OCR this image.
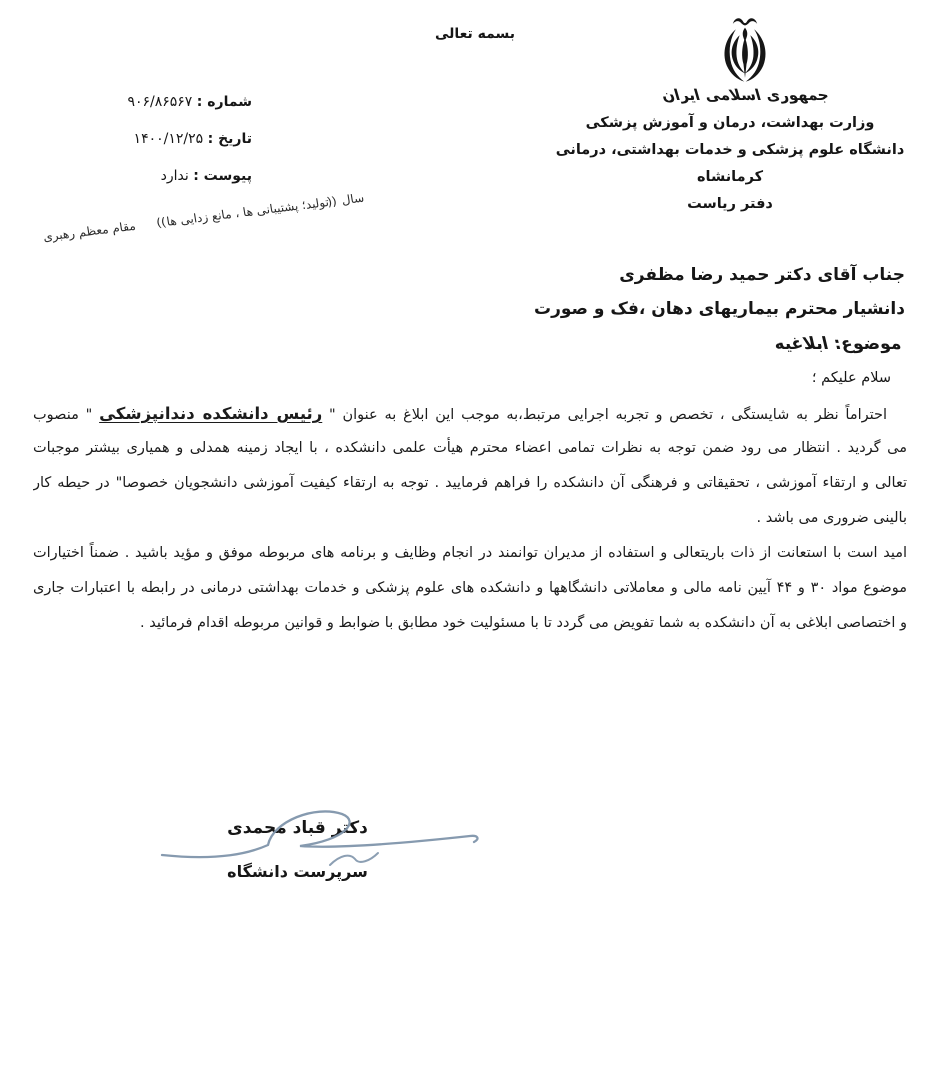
بسمه تعالی
جمهوری اسلامی ایران
وزارت بهداشت، درمان و آموزش پزشکی
دانشگاه علوم پزشکی و خدمات بهداشتی، درمانی کرمانشاه
دفتر ریاست
شماره : ۹۰۶/۸۶۵۶۷
تاریخ : ۱۴۰۰/۱۲/۲۵
پیوست : ندارد
سال ((تولید؛ پشتیبانی ها ، مانع زدایی ها))
مقام معظم رهبری
جناب آقای دکتر حمید رضا مظفری
دانشیار محترم بیماریهای دهان ،فک و صورت
موضوع: ابلاغیه
سلام علیکم ؛
احتراماً نظر به شایستگی ، تخصص و تجربه اجرایی مرتبط،به موجب این ابلاغ به عنوان " رئیس دانشکده دندانپزشکی " منصوب
می گردید . انتظار می رود ضمن توجه به نظرات تمامی اعضاء محترم هیأت علمی دانشکده ، با ایجاد زمینه همدلی و همیاری بیشتر موجبات
تعالی و ارتقاء آموزشی ، تحقیقاتی و فرهنگی آن دانشکده را فراهم فرمایید . توجه به ارتقاء کیفیت آموزشی دانشجویان خصوصا" در حیطه کار
بالینی ضروری می باشد .
امید است با استعانت از ذات باریتعالی و استفاده از مدیران توانمند در انجام وظایف و برنامه های مربوطه موفق و مؤید باشید . ضمناً اختیارات
موضوع مواد ۳۰ و ۴۴ آیین نامه مالی و معاملاتی دانشگاهها و دانشکده های علوم پزشکی و خدمات بهداشتی درمانی در رابطه با اعتبارات جاری
و اختصاصی ابلاغی به آن دانشکده به شما تفویض می گردد تا با مسئولیت خود مطابق با ضوابط و قوانین مربوطه اقدام فرمائید .
دکتر قباد محمدی
سرپرست دانشگاه
